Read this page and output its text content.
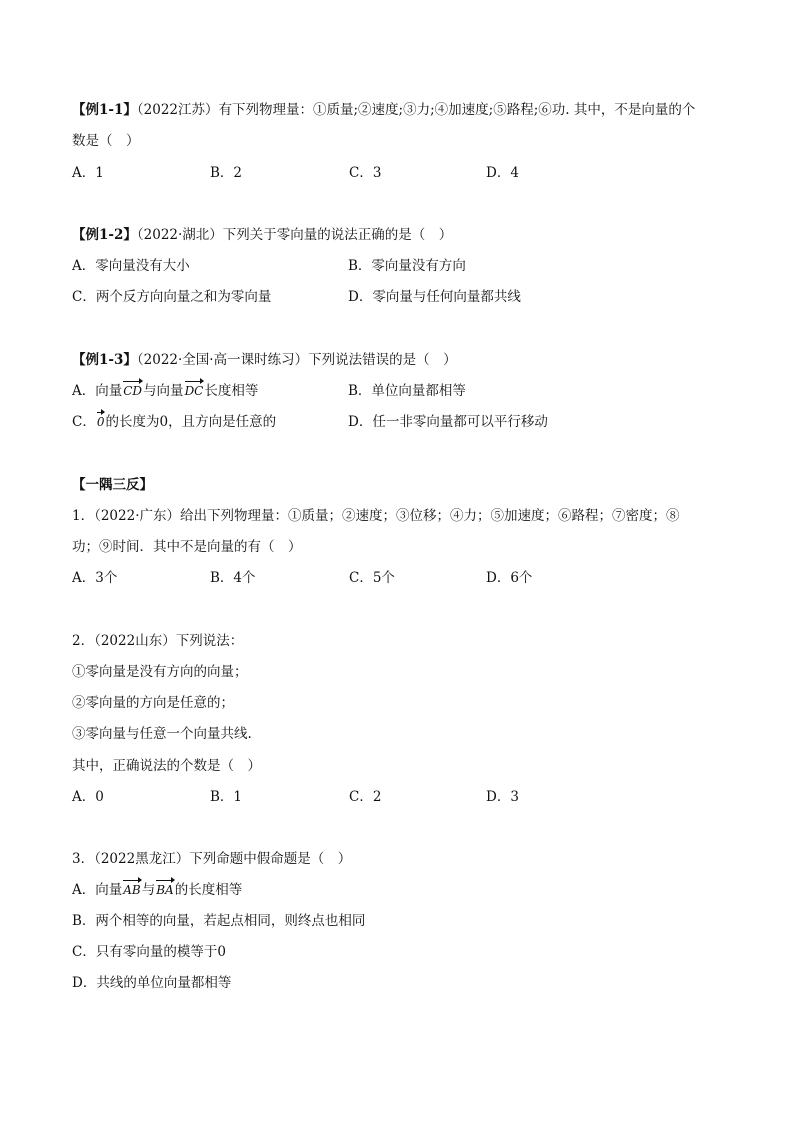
【例1-1】（2022江苏）有下列物理量：①质量;②速度;③力;④加速度;⑤路程;⑥功. 其中，不是向量的个
数是（　）
A．1	B．2	C．3	D．4
【例1-2】（2022·湖北）下列关于零向量的说法正确的是（　）
A．零向量没有大小	B．零向量没有方向
C．两个反方向向量之和为零向量	D．零向量与任何向量都共线
【例1-3】（2022·全国·高一课时练习）下列说法错误的是（　）
A．向量CD与向量DC长度相等	B．单位向量都相等
C．0的长度为0，且方向是任意的	D．任一非零向量都可以平行移动
【一隅三反】
1．（2022·广东）给出下列物理量：①质量；②速度；③位移；④力；⑤加速度；⑥路程；⑦密度；⑧
功；⑨时间．其中不是向量的有（　）
A．3个	B．4个	C．5个	D．6个
2．（2022山东）下列说法：
①零向量是没有方向的向量；
②零向量的方向是任意的；
③零向量与任意一个向量共线.
其中，正确说法的个数是（　）
A．0	B．1	C．2	D．3
3．（2022黑龙江）下列命题中假命题是（　）
A．向量AB与BA的长度相等
B．两个相等的向量，若起点相同，则终点也相同
C．只有零向量的模等于0
D．共线的单位向量都相等
